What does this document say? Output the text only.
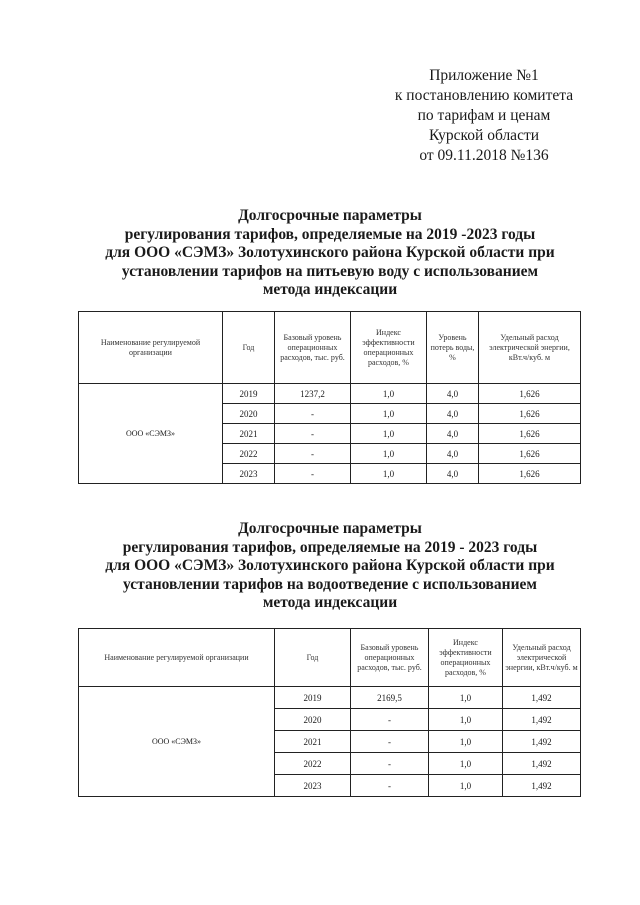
Приложение №1
к постановлению комитета
по тарифам и ценам
Курской области
от 09.11.2018 №136
Долгосрочные параметры
регулирования тарифов, определяемые на 2019 -2023 годы
для ООО «СЭМЗ» Золотухинского района Курской области при
установлении тарифов на питьевую воду с использованием
метода индексации
Наименование регулируемой организации	Год	Базовый уровень операционных расходов, тыс. руб.	Индекс эффективности операционных расходов, %	Уровень потерь воды, %	Удельный расход электрической энергии, кВт.ч/куб. м
ООО «СЭМЗ»	2019	1237,2	1,0	4,0	1,626
	2020	-	1,0	4,0	1,626
	2021	-	1,0	4,0	1,626
	2022	-	1,0	4,0	1,626
	2023	-	1,0	4,0	1,626
Долгосрочные параметры
регулирования тарифов, определяемые на 2019 - 2023 годы
для ООО «СЭМЗ» Золотухинского района Курской области при
установлении тарифов на водоотведение с использованием
метода индексации
Наименование регулируемой организации	Год	Базовый уровень операционных расходов, тыс. руб.	Индекс эффективности операционных расходов, %	Удельный расход электрической энергии, кВт.ч/куб. м
ООО «СЭМЗ»	2019	2169,5	1,0	1,492
	2020	-	1,0	1,492
	2021	-	1,0	1,492
	2022	-	1,0	1,492
	2023	-	1,0	1,492
